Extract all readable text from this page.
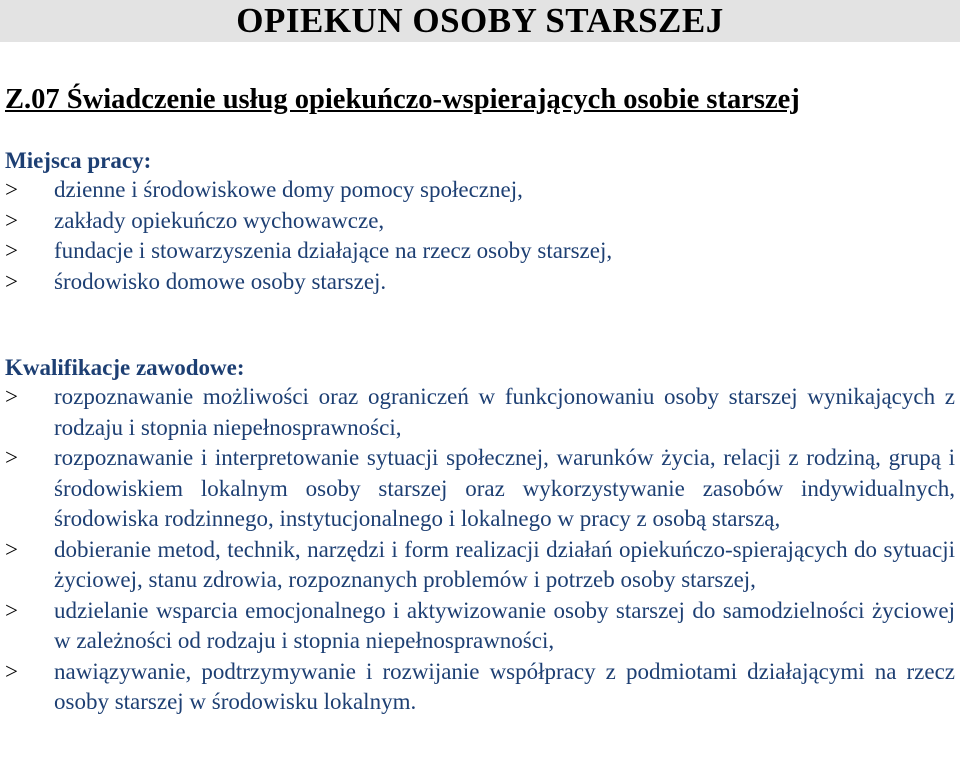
OPIEKUN OSOBY STARSZEJ
Z.07 Świadczenie usług opiekuńczo-wspierających osobie starszej
Miejsca pracy:
> dzienne i środowiskowe domy pomocy społecznej,
> zakłady opiekuńczo wychowawcze,
> fundacje i stowarzyszenia działające na rzecz osoby starszej,
> środowisko domowe osoby starszej.
Kwalifikacje zawodowe:
> rozpoznawanie możliwości oraz ograniczeń w funkcjonowaniu osoby starszej wynikających z rodzaju i stopnia niepełnosprawności,
> rozpoznawanie i interpretowanie sytuacji społecznej, warunków życia, relacji z rodziną, grupą i środowiskiem lokalnym osoby starszej oraz wykorzystywanie zasobów indywidualnych, środowiska rodzinnego, instytucjonalnego i lokalnego w pracy z osobą starszą,
> dobieranie metod, technik, narzędzi i form realizacji działań opiekuńczo-spierających do sytuacji życiowej, stanu zdrowia, rozpoznanych problemów i potrzeb osoby starszej,
> udzielanie wsparcia emocjonalnego i aktywizowanie osoby starszej do samodzielności życiowej w zależności od rodzaju i stopnia niepełnosprawności,
> nawiązywanie, podtrzymywanie i rozwijanie współpracy z podmiotami działającymi na rzecz osoby starszej w środowisku lokalnym.
